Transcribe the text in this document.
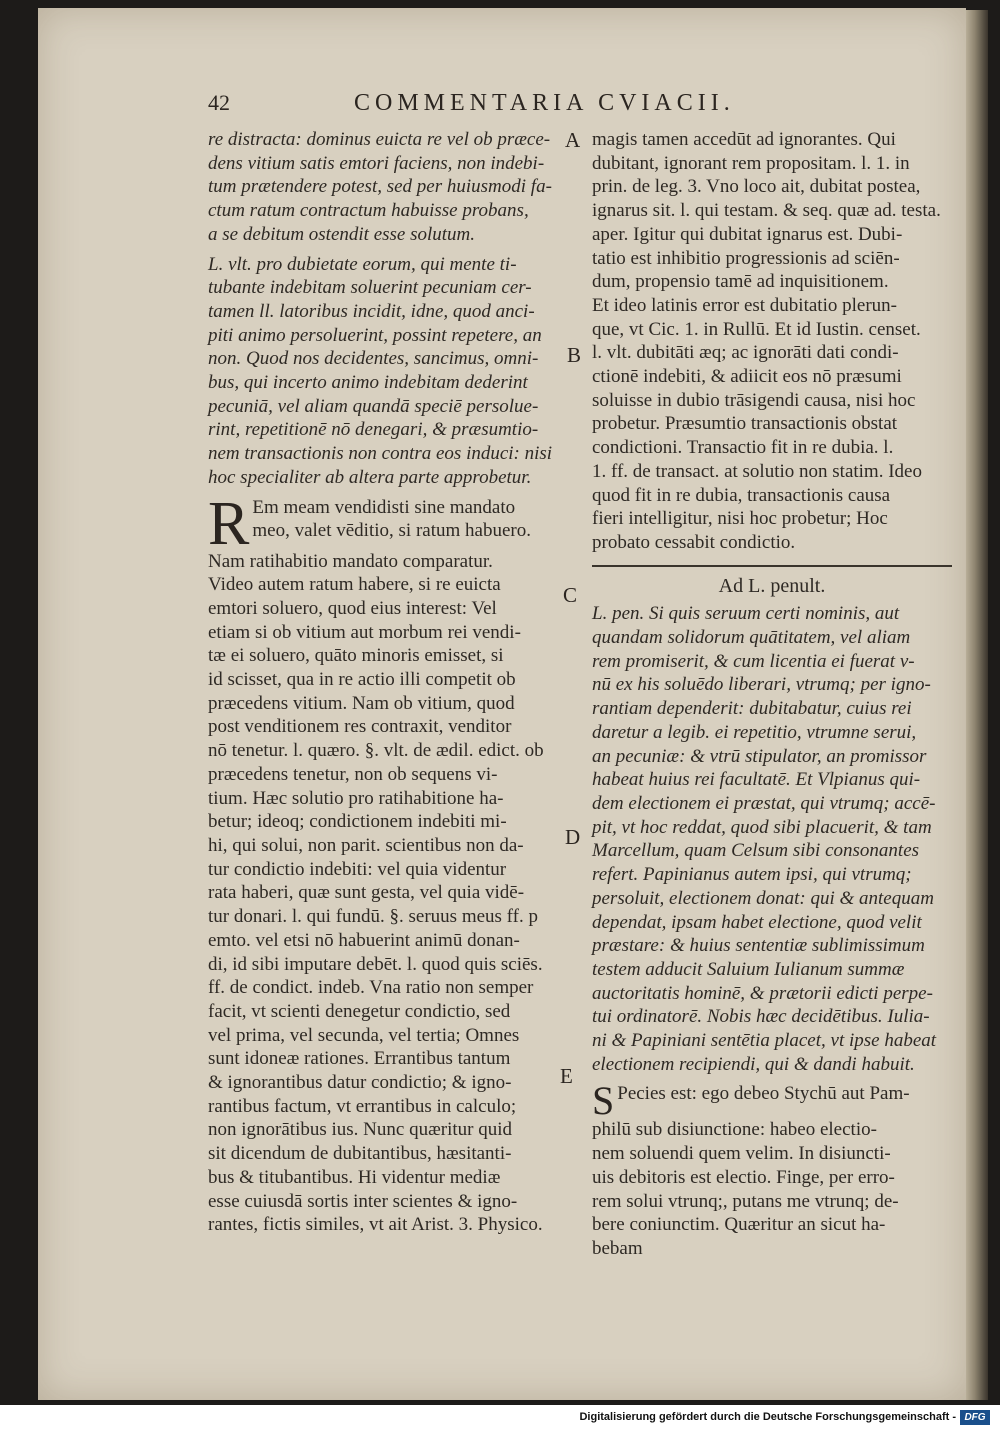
42	COMMENTARIA CVIACII.

re distracta: dominus euicta re vel ob præce-

dens vitium satis emtori faciens, non indebi-

tum prætendere potest, sed per huiusmodi fa-

ctum ratum contractum habuisse probans,

a se debitum ostendit esse solutum.

L. vlt. pro dubietate eorum, qui mente ti-

tubante indebitam soluerint pecuniam cer-

tamen ll. latoribus incidit, idne, quod anci-

piti animo persoluerint, possint repetere, an

non. Quod nos decidentes, sancimus, omni-

bus, qui incerto animo indebitam dederint

pecuniā, vel aliam quandā speciē persolue-

rint, repetitionē nō denegari, & præsumtio-

nem transactionis non contra eos induci: nisi

hoc specialiter ab altera parte approbetur.

R Em meam vendidisti sine mandato

meo, valet vēditio, si ratum habuero.

Nam ratihabitio mandato comparatur.

Video autem ratum habere, si re euicta

emtori soluero, quod eius interest: Vel

etiam si ob vitium aut morbum rei vendi-

tæ ei soluero, quāto minoris emisset, si

id scisset, qua in re actio illi competit ob

præcedens vitium. Nam ob vitium, quod

post venditionem res contraxit, venditor

nō tenetur. l. quæro. §. vlt. de ædil. edict. ob

præcedens tenetur, non ob sequens vi-

tium. Hæc solutio pro ratihabitione ha-

betur; ideoq; condictionem indebiti mi-

hi, qui solui, non parit. scientibus non da-

tur condictio indebiti: vel quia videntur

rata haberi, quæ sunt gesta, vel quia vidē-

tur donari. l. qui fundū. §. seruus meus ff. p

emto. vel etsi nō habuerint animū donan-

di, id sibi imputare debēt. l. quod quis sciēs.

ff. de condict. indeb. Vna ratio non semper

facit, vt scienti denegetur condictio, sed

vel prima, vel secunda, vel tertia; Omnes

sunt idoneæ rationes. Errantibus tantum

& ignorantibus datur condictio; & igno-

rantibus factum, vt errantibus in calculo;

non ignorātibus ius. Nunc quæritur quid

sit dicendum de dubitantibus, hæsitanti-

bus & titubantibus. Hi videntur mediæ

esse cuiusdā sortis inter scientes & igno-

rantes, fictis similes, vt ait Arist. 3. Physico.

A
B
C
D
E

magis tamen accedūt ad ignorantes. Qui

dubitant, ignorant rem propositam. l. 1. in

prin. de leg. 3. Vno loco ait, dubitat postea,

ignarus sit. l. qui testam. & seq. quæ ad. testa.

aper. Igitur qui dubitat ignarus est. Dubi-

tatio est inhibitio progressionis ad sciēn-

dum, propensio tamē ad inquisitionem.

Et ideo latinis error est dubitatio plerun-

que, vt Cic. 1. in Rullū. Et id Iustin. censet.

l. vlt. dubitāti æq; ac ignorāti dati condi-

ctionē indebiti, & adiicit eos nō præsumi

soluisse in dubio trāsigendi causa, nisi hoc

probetur. Præsumtio transactionis obstat

condictioni. Transactio fit in re dubia. l.

1. ff. de transact. at solutio non statim. Ideo

quod fit in re dubia, transactionis causa

fieri intelligitur, nisi hoc probetur; Hoc

probato cessabit condictio.

Ad L. penult.

L. pen. Si quis seruum certi nominis, aut

quandam solidorum quātitatem, vel aliam

rem promiserit, & cum licentia ei fuerat v-

nū ex his soluēdo liberari, vtrumq; per igno-

rantiam dependerit: dubitabatur, cuius rei

daretur a legib. ei repetitio, vtrumne serui,

an pecuniæ: & vtrū stipulator, an promissor

habeat huius rei facultatē. Et Vlpianus qui-

dem electionem ei præstat, qui vtrumq; accē-

pit, vt hoc reddat, quod sibi placuerit, & tam

Marcellum, quam Celsum sibi consonantes

refert. Papinianus autem ipsi, qui vtrumq;

persoluit, electionem donat: qui & antequam

dependat, ipsam habet electione, quod velit

præstare: & huius sententiæ sublimissimum

testem adducit Saluium Iulianum summæ

auctoritatis hominē, & prætorii edicti perpe-

tui ordinatorē. Nobis hæc decidētibus. Iulia-

ni & Papiniani sentētia placet, vt ipse habeat

electionem recipiendi, qui & dandi habuit.

S Pecies est: ego debeo Stychū aut Pam-

philū sub disiunctione: habeo electio-

nem soluendi quem velim. In disiuncti-

uis debitoris est electio. Finge, per erro-

rem solui vtrunq;, putans me vtrunq; de-

bere coniunctim. Quæritur an sicut ha-

bebam

Digitalisierung gefördert durch die Deutsche Forschungsgemeinschaft - DFG
